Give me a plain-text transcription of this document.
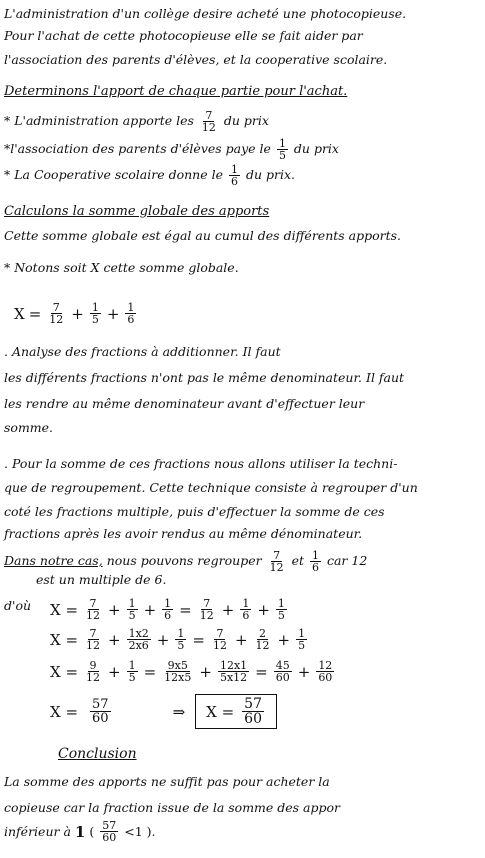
L'administration d'un collège desire acheté une photocopieuse.
Pour l'achat de cette photocopieuse elle se fait aider par
l'association des parents d'élèves, et la cooperative scolaire.
Determinons l'apport de chaque partie pour l'achat.
* L'administration apporte les $\frac{7}{12}$ du prix
*l'association des parents d'élèves paye le $\frac{1}{5}$ du prix
* La Cooperative scolaire donne le $\frac{1}{6}$ du prix.
Calculons la somme globale des apports
Cette somme globale est égal au cumul des différents apports.
* Notons soit X cette somme globale.
$X = \frac{7}{12} + \frac{1}{5} + \frac{1}{6}$
. Analyse des fractions à additionner. Il faut
les différents fractions n'ont pas le même denominateur. Il faut
les rendre au même denominateur avant d'effectuer leur
somme.
. Pour la somme de ces fractions nous allons utiliser la techni-
que de regroupement. Cette technique consiste à regrouper d'un
coté les fractions multiple, puis d'effectuer la somme de ces
fractions après les avoir rendus au même dénominateur.
Dans notre cas, nous pouvons regrouper $\frac{7}{12}$ et $\frac{1}{6}$ car 12
est un multiple de 6.
d'où $X = \frac{7}{12} + \frac{1}{5} + \frac{1}{6} = \frac{7}{12} + \frac{1}{6} + \frac{1}{5}$
$X = \frac{7}{12} + \frac{1x2}{2x6} + \frac{1}{5} = \frac{7}{12} + \frac{2}{12} + \frac{1}{5}$
$X = \frac{9}{12} + \frac{1}{5} = \frac{9x5}{12x5} + \frac{12x1}{5x12} = \frac{45}{60} + \frac{12}{60}$
$X = \frac{57}{60}$	⇒ $X = \frac{57}{60}$
Conclusion
La somme des apports ne suffit pas pour acheter la
copieuse car la fraction issue de la somme des appor
inférieur à 1 ( $\frac{57}{60} <1$ ).
